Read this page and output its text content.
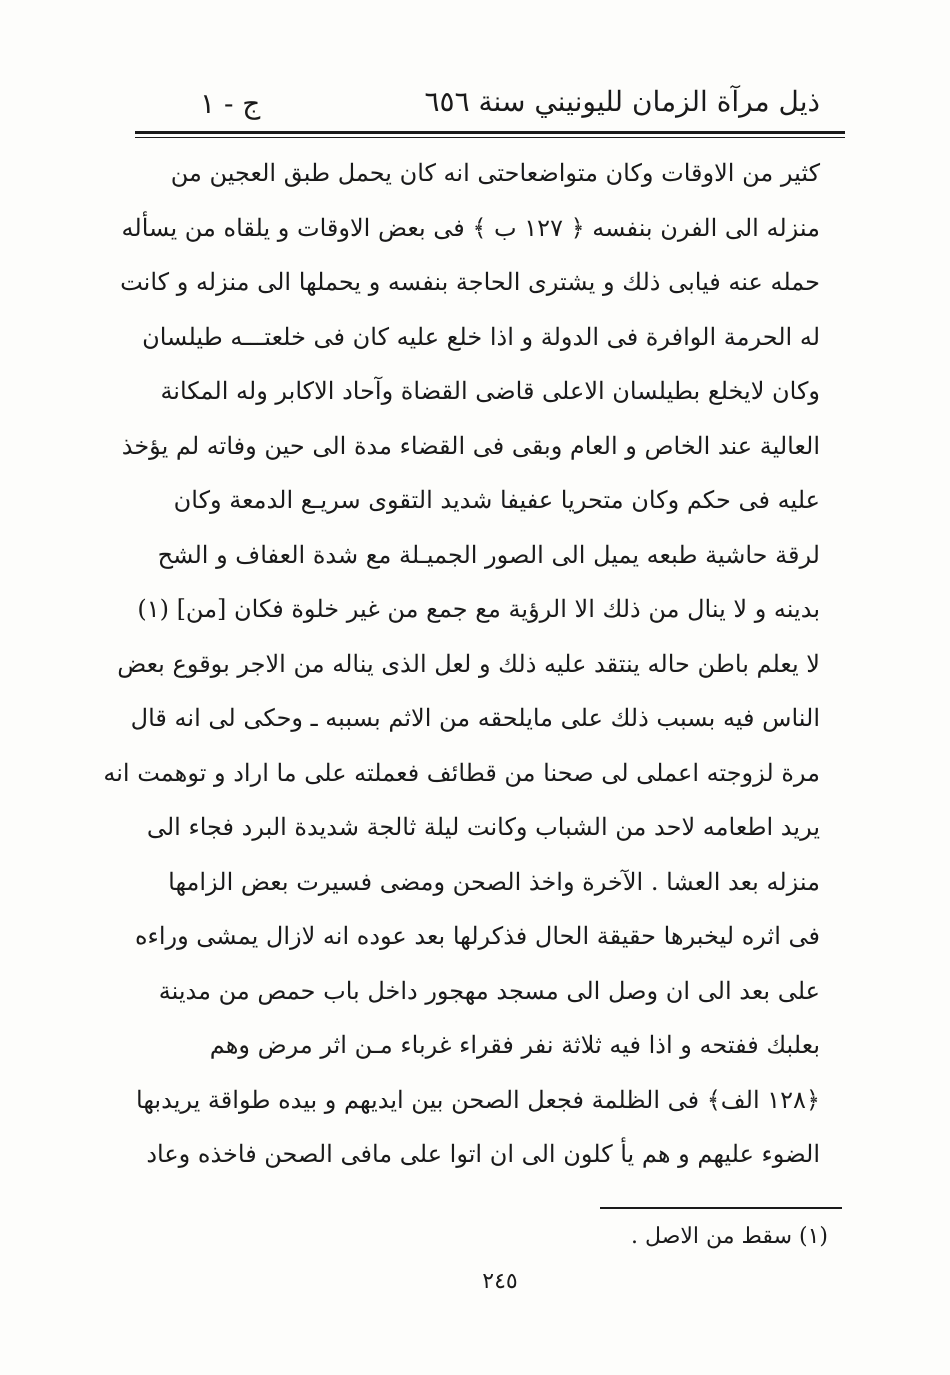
ذيل مرآة الزمان لليونيني سنة ٦٥٦
ج - ١
كثير من الاوقات وكان متواضعاحتى انه كان يحمل طبق العجين من
منزله الى الفرن بنفسه ﴿ ١٢٧ ب ﴾ فى بعض الاوقات و يلقاه من يسأله
حمله عنه فيابى ذلك و يشترى الحاجة بنفسه و يحملها الى منزله و كانت
له الحرمة الوافرة فى الدولة و اذا خلع عليه كان فى خلعتـــه طيلسان
وكان لايخلع بطيلسان الاعلى قاضى القضاة وآحاد الاكابر وله المكانة
العالية عند الخاص و العام وبقى فى القضاء مدة الى حين وفاته لم يؤخذ
عليه فى حكم وكان متحريا عفيفا شديد التقوى سريـع الدمعة وكان
لرقة حاشية طبعه يميل الى الصور الجميـلة مع شدة العفاف و الشح
بدينه و لا ينال من ذلك الا الرؤية مع جمع من غير خلوة فكان [من] (١)
لا يعلم باطن حاله ينتقد عليه ذلك و لعل الذى يناله من الاجر بوقوع بعض
الناس فيه بسبب ذلك على مايلحقه من الاثم بسببه ـ وحكى لى انه قال
مرة لزوجته اعملى لى صحنا من قطائف فعملته على ما اراد و توهمت انه
يريد اطعامه لاحد من الشباب وكانت ليلة ثالجة شديدة البرد فجاء الى
منزله بعد العشا . الآخرة واخذ الصحن ومضى فسيرت بعض الزامها
فى اثره ليخبرها حقيقة الحال فذكرلها بعد عوده انه لازال يمشى وراءه
على بعد الى ان وصل الى مسجد مهجور داخل باب حمص من مدينة
بعلبك ففتحه و اذا فيه ثلاثة نفر فقراء غرباء مـن اثر مرض وهم
﴿١٢٨ الف﴾ فى الظلمة فجعل الصحن بين ايديهم و بيده طواقة يريدبها
الضوء عليهم و هم يأ كلون الى ان اتوا على مافى الصحن فاخذه وعاد
(١) سقط من الاصل .
٢٤٥
